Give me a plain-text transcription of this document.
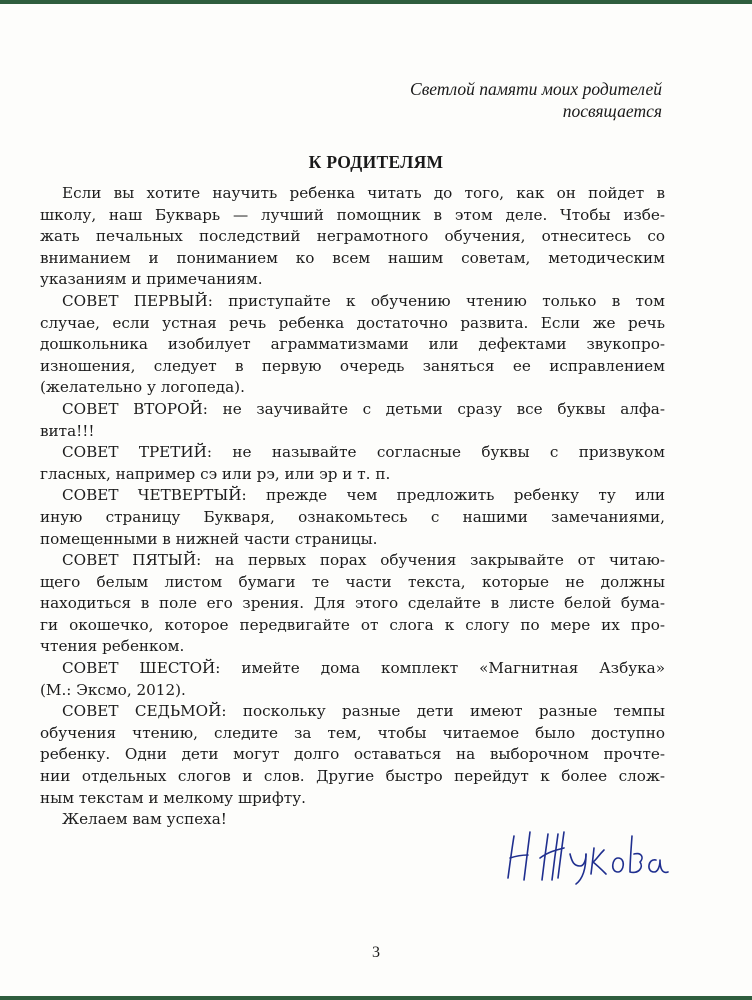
Светлой памяти моих родителей
посвящается
К РОДИТЕЛЯМ
Если вы хотите научить ребенка читать до того, как он пойдет в
школу, наш Букварь — лучший помощник в этом деле. Чтобы избе-
жать печальных последствий неграмотного обучения, отнеситесь со
вниманием и пониманием ко всем нашим советам, методическим
указаниям и примечаниям.
СОВЕТ ПЕРВЫЙ: приступайте к обучению чтению только в том
случае, если устная речь ребенка достаточно развита. Если же речь
дошкольника изобилует аграмматизмами или дефектами звукопро-
изношения, следует в первую очередь заняться ее исправлением
(желательно у логопеда).
СОВЕТ ВТОРОЙ: не заучивайте с детьми сразу все буквы алфа-
вита!!!
СОВЕТ ТРЕТИЙ: не называйте согласные буквы с призвуком
гласных, например сэ или рэ, или эр и т. п.
СОВЕТ ЧЕТВЕРТЫЙ: прежде чем предложить ребенку ту или
иную страницу Букваря, ознакомьтесь с нашими замечаниями,
помещенными в нижней части страницы.
СОВЕТ ПЯТЫЙ: на первых порах обучения закрывайте от читаю-
щего белым листом бумаги те части текста, которые не должны
находиться в поле его зрения. Для этого сделайте в листе белой бума-
ги окошечко, которое передвигайте от слога к слогу по мере их про-
чтения ребенком.
СОВЕТ ШЕСТОЙ: имейте дома комплект «Магнитная Азбука»
(М.: Эксмо, 2012).
СОВЕТ СЕДЬМОЙ: поскольку разные дети имеют разные темпы
обучения чтению, следите за тем, чтобы читаемое было доступно
ребенку. Одни дети могут долго оставаться на выборочном прочте-
нии отдельных слогов и слов. Другие быстро перейдут к более слож-
ным текстам и мелкому шрифту.
Желаем вам успеха!
3
